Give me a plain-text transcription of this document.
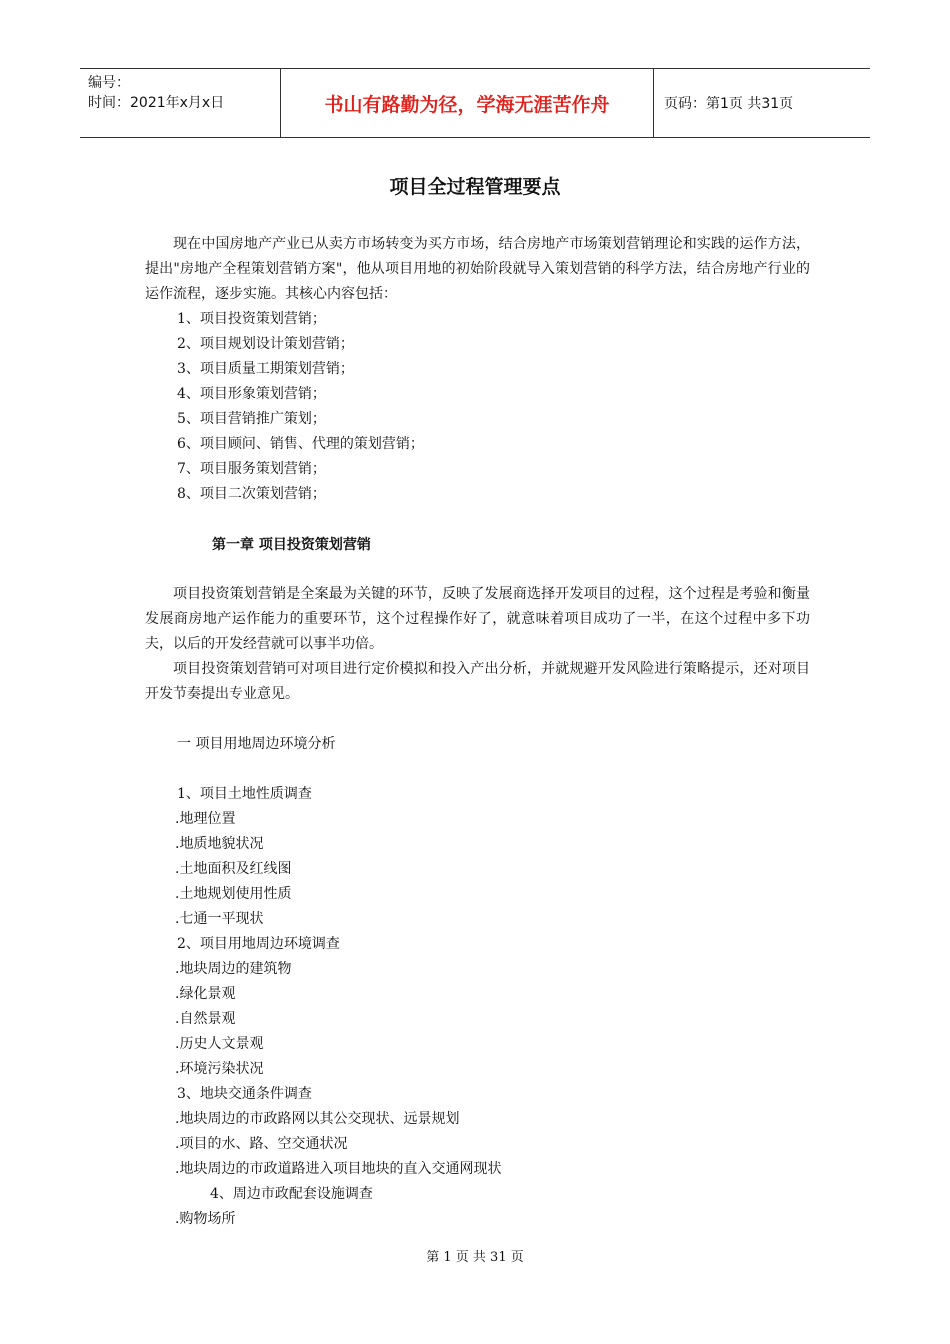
编号：
时间：2021年x月x日	书山有路勤为径，学海无涯苦作舟	页码：第1页 共31页
项目全过程管理要点

现在中国房地产产业已从卖方市场转变为买方市场，结合房地产市场策划营销理论和实践的运作方法，提出"房地产全程策划营销方案"，他从项目用地的初始阶段就导入策划营销的科学方法，结合房地产行业的运作流程，逐步实施。其核心内容包括：

1、项目投资策划营销；
2、项目规划设计策划营销；
3、项目质量工期策划营销；
4、项目形象策划营销；
5、项目营销推广策划；
6、项目顾问、销售、代理的策划营销；
7、项目服务策划营销；
8、项目二次策划营销；
第一章 项目投资策划营销

项目投资策划营销是全案最为关键的环节，反映了发展商选择开发项目的过程，这个过程是考验和衡量发展商房地产运作能力的重要环节，这个过程操作好了，就意味着项目成功了一半，在这个过程中多下功夫，以后的开发经营就可以事半功倍。

项目投资策划营销可对项目进行定价模拟和投入产出分析，并就规避开发风险进行策略提示，还对项目开发节奏提出专业意见。

一 项目用地周边环境分析
1、项目土地性质调查
.地理位置
.地质地貌状况
.土地面积及红线图
.土地规划使用性质
.七通一平现状
2、项目用地周边环境调查
.地块周边的建筑物
.绿化景观
.自然景观
.历史人文景观
.环境污染状况
3、地块交通条件调查
.地块周边的市政路网以其公交现状、远景规划
.项目的水、路、空交通状况
.地块周边的市政道路进入项目地块的直入交通网现状
4、周边市政配套设施调查
.购物场所
第 1 页 共 31 页
